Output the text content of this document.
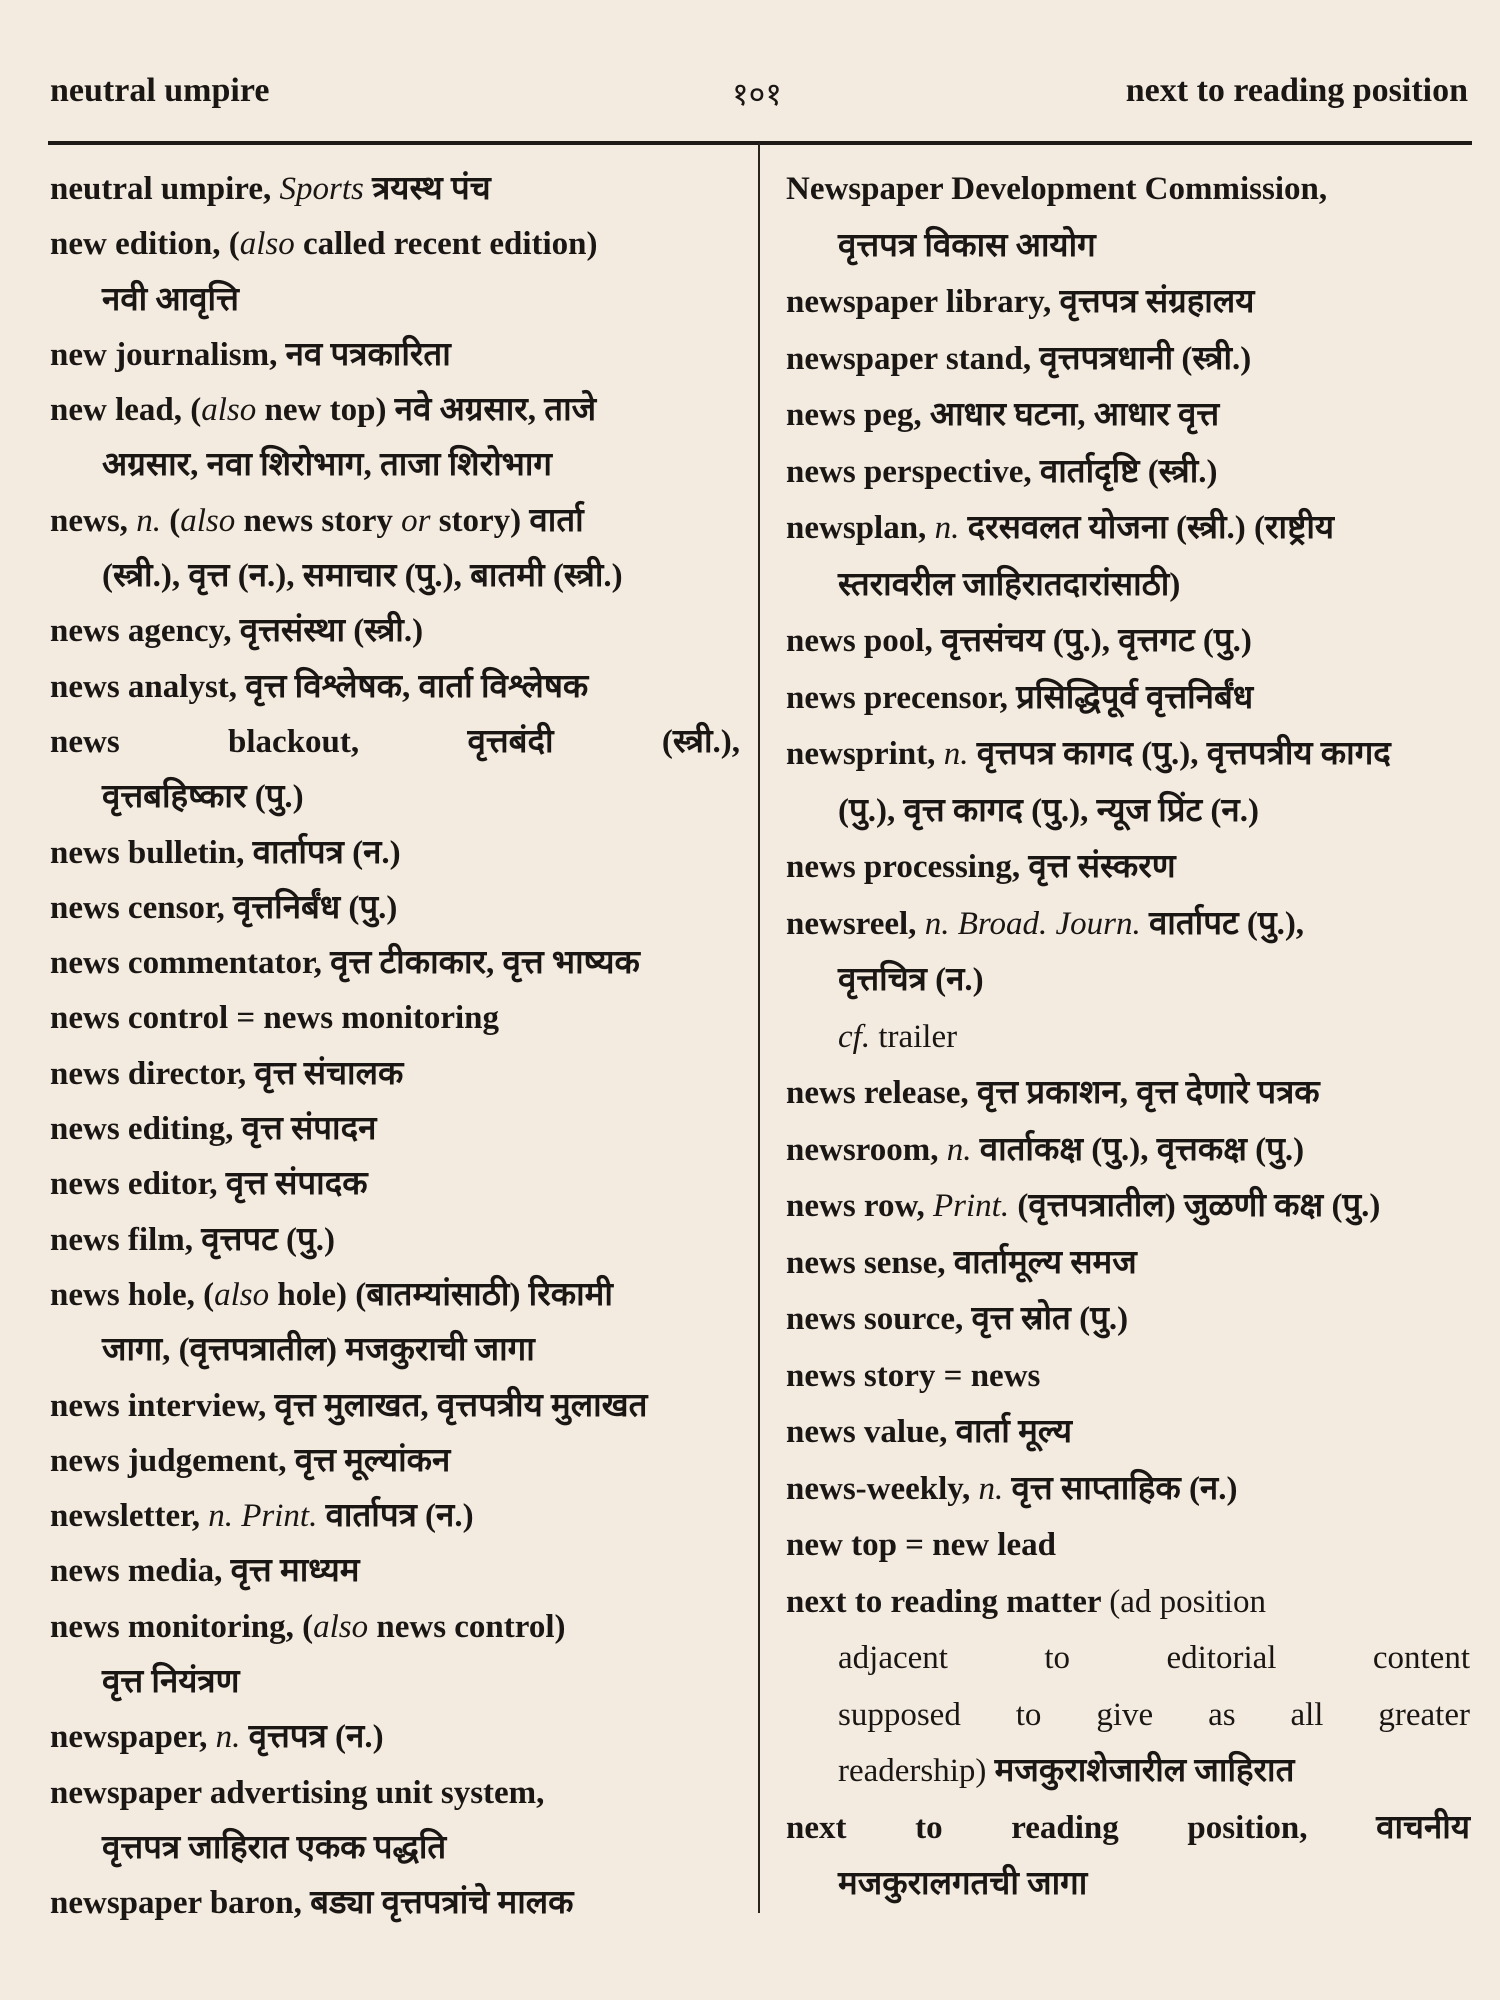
neutral umpire	१०१	next to reading position
neutral umpire, Sports त्रयस्थ पंच
new edition, (also called recent edition)
नवी आवृत्ति
new journalism, नव पत्रकारिता
new lead, (also new top) नवे अग्रसार, ताजे
अग्रसार, नवा शिरोभाग, ताजा शिरोभाग
news, n. (also news story or story) वार्ता
(स्त्री.), वृत्त (न.), समाचार (पु.), बातमी (स्त्री.)
news agency, वृत्तसंस्था (स्त्री.)
news analyst, वृत्त विश्लेषक, वार्ता विश्लेषक
news blackout, वृत्तबंदी (स्त्री.),
वृत्तबहिष्कार (पु.)
news bulletin, वार्तापत्र (न.)
news censor, वृत्तनिर्बंध (पु.)
news commentator, वृत्त टीकाकार, वृत्त भाष्यक
news control = news monitoring
news director, वृत्त संचालक
news editing, वृत्त संपादन
news editor, वृत्त संपादक
news film, वृत्तपट (पु.)
news hole, (also hole) (बातम्यांसाठी) रिकामी
जागा, (वृत्तपत्रातील) मजकुराची जागा
news interview, वृत्त मुलाखत, वृत्तपत्रीय मुलाखत
news judgement, वृत्त मूल्यांकन
newsletter, n. Print. वार्तापत्र (न.)
news media, वृत्त माध्यम
news monitoring, (also news control)
वृत्त नियंत्रण
newspaper, n. वृत्तपत्र (न.)
newspaper advertising unit system,
वृत्तपत्र जाहिरात एकक पद्धति
newspaper baron, बड्या वृत्तपत्रांचे मालक
Newspaper Development Commission,
वृत्तपत्र विकास आयोग
newspaper library, वृत्तपत्र संग्रहालय
newspaper stand, वृत्तपत्रधानी (स्त्री.)
news peg, आधार घटना, आधार वृत्त
news perspective, वार्तादृष्टि (स्त्री.)
newsplan, n. दरसवलत योजना (स्त्री.) (राष्ट्रीय
स्तरावरील जाहिरातदारांसाठी)
news pool, वृत्तसंचय (पु.), वृत्तगट (पु.)
news precensor, प्रसिद्धिपूर्व वृत्तनिर्बंध
newsprint, n. वृत्तपत्र कागद (पु.), वृत्तपत्रीय कागद
(पु.), वृत्त कागद (पु.), न्यूज प्रिंट (न.)
news processing, वृत्त संस्करण
newsreel, n. Broad. Journ. वार्तापट (पु.),
वृत्तचित्र (न.)
cf. trailer
news release, वृत्त प्रकाशन, वृत्त देणारे पत्रक
newsroom, n. वार्ताकक्ष (पु.), वृत्तकक्ष (पु.)
news row, Print. (वृत्तपत्रातील) जुळणी कक्ष (पु.)
news sense, वार्तामूल्य समज
news source, वृत्त स्रोत (पु.)
news story = news
news value, वार्ता मूल्य
news-weekly, n. वृत्त साप्ताहिक (न.)
new top = new lead
next to reading matter (ad position
adjacent to editorial content
supposed to give as all greater
readership) मजकुराशेजारील जाहिरात
next to reading position, वाचनीय
मजकुरालगतची जागा
